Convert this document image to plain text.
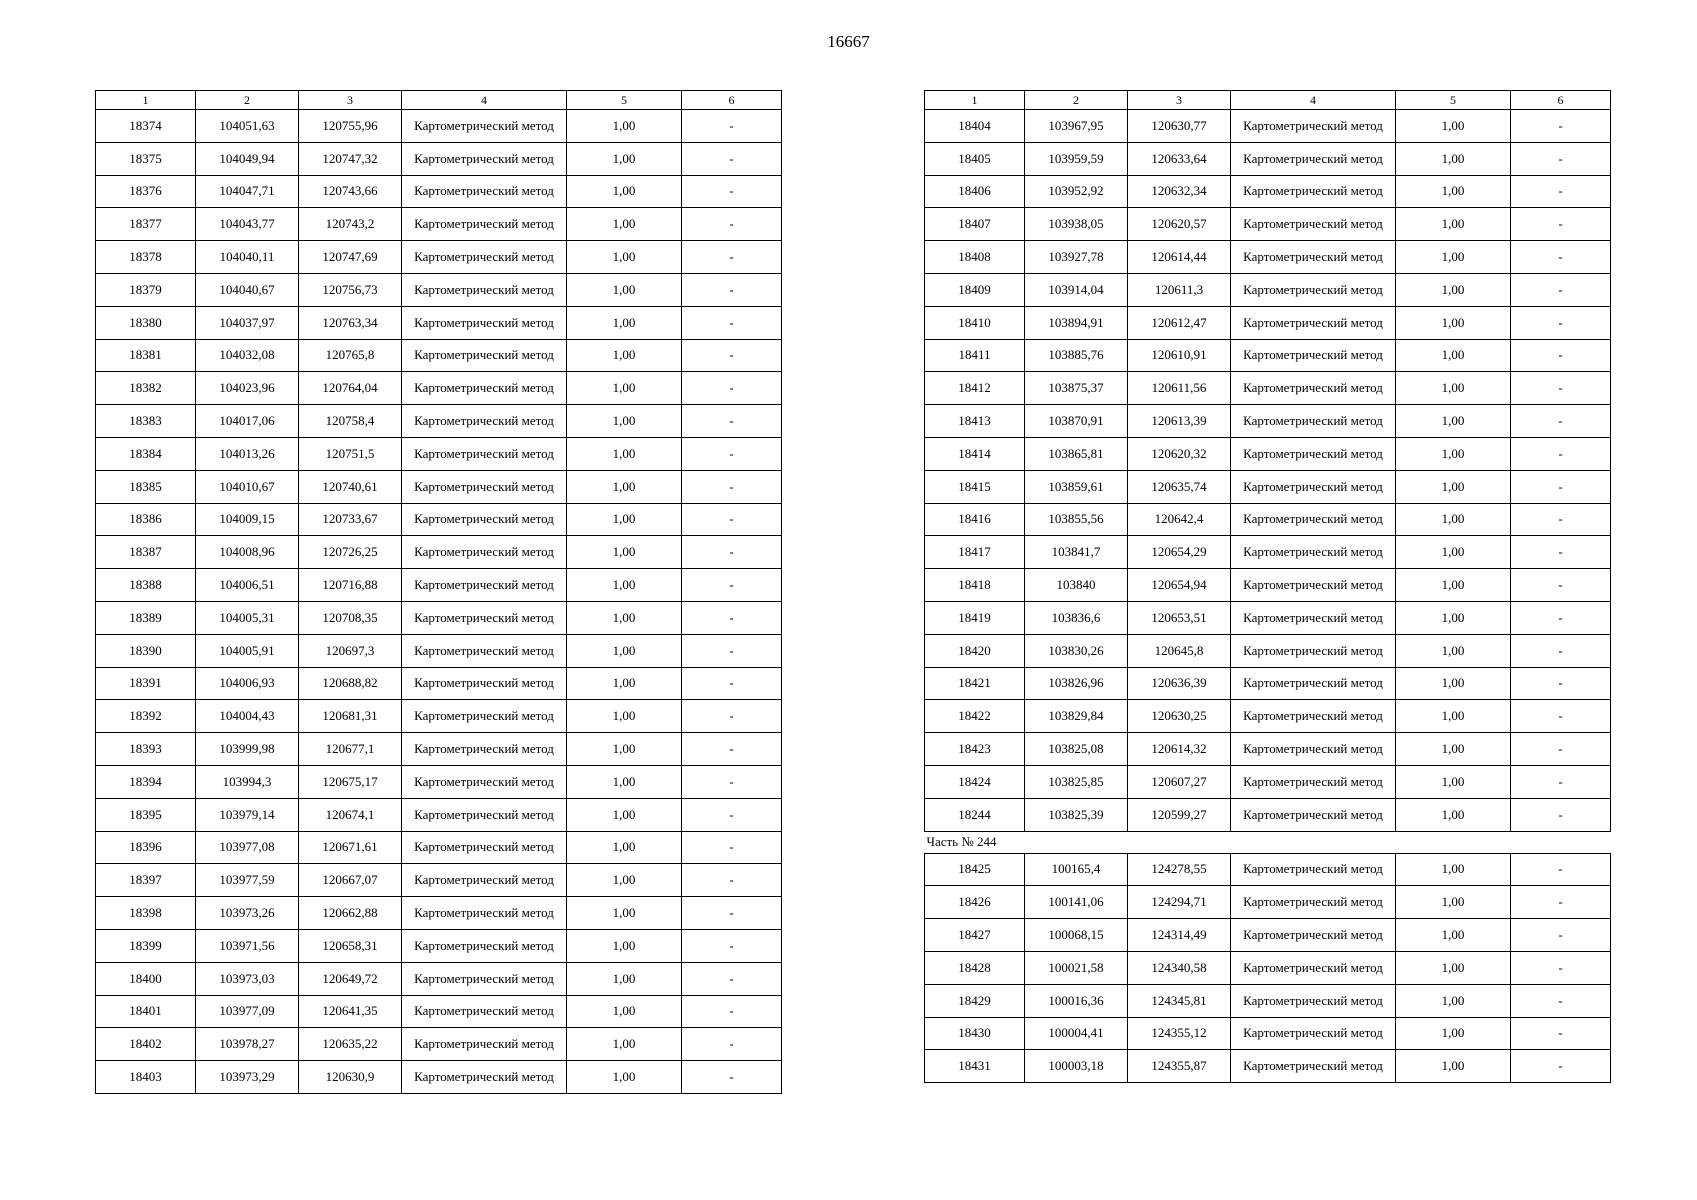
16667
1	2	3	4	5	6
18374	104051,63	120755,96	Картометрический метод	1,00	-
18375	104049,94	120747,32	Картометрический метод	1,00	-
18376	104047,71	120743,66	Картометрический метод	1,00	-
18377	104043,77	120743,2	Картометрический метод	1,00	-
18378	104040,11	120747,69	Картометрический метод	1,00	-
18379	104040,67	120756,73	Картометрический метод	1,00	-
18380	104037,97	120763,34	Картометрический метод	1,00	-
18381	104032,08	120765,8	Картометрический метод	1,00	-
18382	104023,96	120764,04	Картометрический метод	1,00	-
18383	104017,06	120758,4	Картометрический метод	1,00	-
18384	104013,26	120751,5	Картометрический метод	1,00	-
18385	104010,67	120740,61	Картометрический метод	1,00	-
18386	104009,15	120733,67	Картометрический метод	1,00	-
18387	104008,96	120726,25	Картометрический метод	1,00	-
18388	104006,51	120716,88	Картометрический метод	1,00	-
18389	104005,31	120708,35	Картометрический метод	1,00	-
18390	104005,91	120697,3	Картометрический метод	1,00	-
18391	104006,93	120688,82	Картометрический метод	1,00	-
18392	104004,43	120681,31	Картометрический метод	1,00	-
18393	103999,98	120677,1	Картометрический метод	1,00	-
18394	103994,3	120675,17	Картометрический метод	1,00	-
18395	103979,14	120674,1	Картометрический метод	1,00	-
18396	103977,08	120671,61	Картометрический метод	1,00	-
18397	103977,59	120667,07	Картометрический метод	1,00	-
18398	103973,26	120662,88	Картометрический метод	1,00	-
18399	103971,56	120658,31	Картометрический метод	1,00	-
18400	103973,03	120649,72	Картометрический метод	1,00	-
18401	103977,09	120641,35	Картометрический метод	1,00	-
18402	103978,27	120635,22	Картометрический метод	1,00	-
18403	103973,29	120630,9	Картометрический метод	1,00	-
1	2	3	4	5	6
18404	103967,95	120630,77	Картометрический метод	1,00	-
18405	103959,59	120633,64	Картометрический метод	1,00	-
18406	103952,92	120632,34	Картометрический метод	1,00	-
18407	103938,05	120620,57	Картометрический метод	1,00	-
18408	103927,78	120614,44	Картометрический метод	1,00	-
18409	103914,04	120611,3	Картометрический метод	1,00	-
18410	103894,91	120612,47	Картометрический метод	1,00	-
18411	103885,76	120610,91	Картометрический метод	1,00	-
18412	103875,37	120611,56	Картометрический метод	1,00	-
18413	103870,91	120613,39	Картометрический метод	1,00	-
18414	103865,81	120620,32	Картометрический метод	1,00	-
18415	103859,61	120635,74	Картометрический метод	1,00	-
18416	103855,56	120642,4	Картометрический метод	1,00	-
18417	103841,7	120654,29	Картометрический метод	1,00	-
18418	103840	120654,94	Картометрический метод	1,00	-
18419	103836,6	120653,51	Картометрический метод	1,00	-
18420	103830,26	120645,8	Картометрический метод	1,00	-
18421	103826,96	120636,39	Картометрический метод	1,00	-
18422	103829,84	120630,25	Картометрический метод	1,00	-
18423	103825,08	120614,32	Картометрический метод	1,00	-
18424	103825,85	120607,27	Картометрический метод	1,00	-
18244	103825,39	120599,27	Картометрический метод	1,00	-
Часть № 244					
18425	100165,4	124278,55	Картометрический метод	1,00	-
18426	100141,06	124294,71	Картометрический метод	1,00	-
18427	100068,15	124314,49	Картометрический метод	1,00	-
18428	100021,58	124340,58	Картометрический метод	1,00	-
18429	100016,36	124345,81	Картометрический метод	1,00	-
18430	100004,41	124355,12	Картометрический метод	1,00	-
18431	100003,18	124355,87	Картометрический метод	1,00	-
